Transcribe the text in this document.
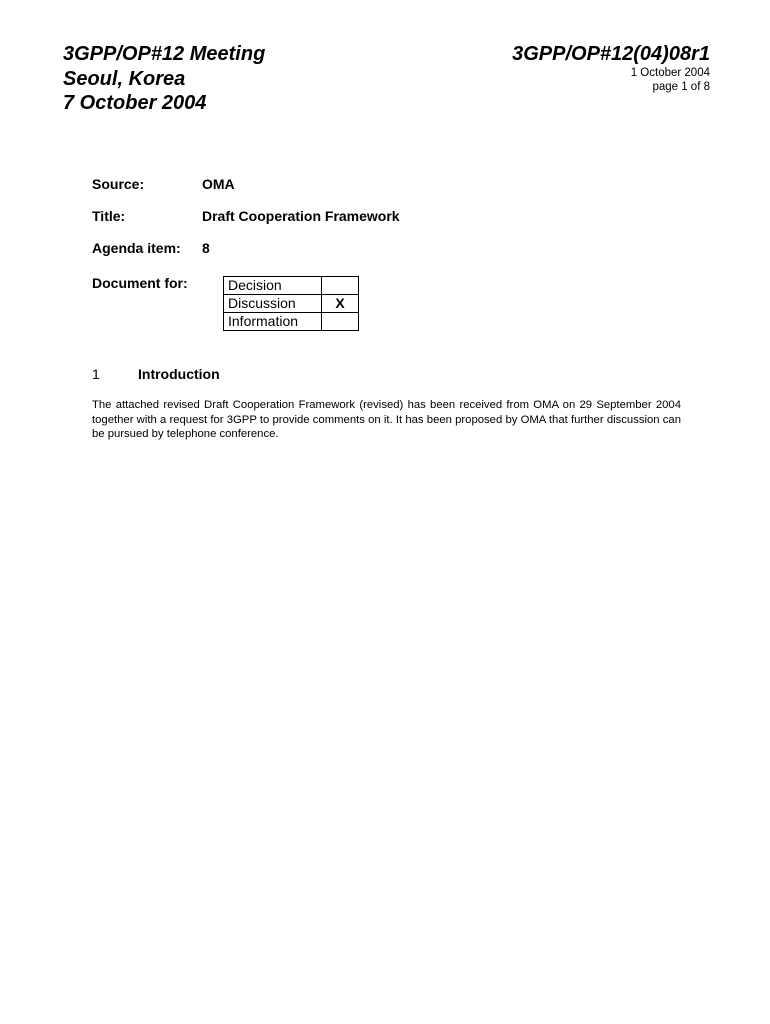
3GPP/OP#12 Meeting
Seoul, Korea
7 October 2004
3GPP/OP#12(04)08r1
1 October 2004
page 1 of 8
Source:	OMA
Title:	Draft Cooperation Framework
Agenda item: 8
Document for:	Decision	
Discussion	X
Information	
1	Introduction
The attached revised Draft Cooperation Framework (revised) has been received from OMA on 29 September 2004 together with a request for 3GPP to provide comments on it. It has been proposed by OMA that further discussion can be pursued by telephone conference.
